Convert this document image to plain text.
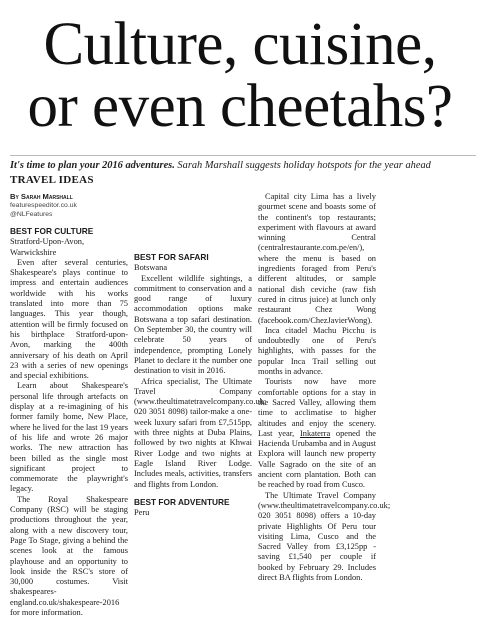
Culture, cuisine,
or even cheetahs?
It's time to plan your 2016 adventures. Sarah Marshall suggests holiday hotspots for the year ahead
TRAVEL IDEAS
By Sarah Marshall
featurespeeditor.co.uk
@NLFeatures
BEST FOR CULTURE

Stratford-Upon-Avon, Warwickshire

Even after several centuries, Shakespeare's plays continue to impress and entertain audiences worldwide with his works translated into more than 75 languages. This year though, attention will be firmly focused on his birthplace Stratford-upon-Avon, marking the 400th anniversary of his death on April 23 with a series of new openings and special exhibitions.

Learn about Shakespeare's personal life through artefacts on display at a re-imagining of his former family home, New Place, where he lived for the last 19 years of his life and wrote 26 major works. The new attraction has been billed as the single most significant project to commemorate the playwright's legacy.

The Royal Shakespeare Company (RSC) will be staging productions throughout the year, along with a new discovery tour, Page To Stage, giving a behind the scenes look at the famous playhouse and an opportunity to look inside the RSC's store of 30,000 costumes. Visit shakespeares-england.co.uk/shakespeare-2016 for more information.

BEST FOR SAFARI

Botswana

Excellent wildlife sightings, a commitment to conservation and a good range of luxury accommodation options make Botswana a top safari destination. On September 30, the country will celebrate 50 years of independence, prompting Lonely Planet to declare it the number one destination to visit in 2016.

Africa specialist, The Ultimate Travel Company (www.theultimatetravelcompany.co.uk; 020 3051 8098) tailor-make a one-week luxury safari from £7,515pp, with three nights at Duba Plains, followed by two nights at Khwai River Lodge and two nights at Eagle Island River Lodge. Includes meals, activities, transfers and flights from London.

BEST FOR ADVENTURE

Peru

Capital city Lima has a lively gourmet scene and boasts some of the continent's top restaurants; experiment with flavours at award winning Central (centralrestaurante.com.pe/en/), where the menu is based on ingredients foraged from Peru's different altitudes, or sample national dish ceviche (raw fish cured in citrus juice) at lunch only restaurant Chez Wong (facebook.com/ChezJavierWong).

Inca citadel Machu Picchu is undoubtedly one of Peru's highlights, with passes for the popular Inca Trail selling out months in advance.

Tourists now have more comfortable options for a stay in the Sacred Valley, allowing them time to acclimatise to higher altitudes and enjoy the scenery. Last year, Inkaterra opened the Hacienda Urubamba and in August Explora will launch new property Valle Sagrado on the site of an ancient corn plantation. Both can be reached by road from Cusco.

The Ultimate Travel Company (www.theultimatetravelcompany.co.uk; 020 3051 8098) offers a 10-day private Highlights Of Peru tour visiting Lima, Cusco and the Sacred Valley from £3,125pp - saving £1,540 per couple if booked by February 29. Includes direct BA flights from London.
